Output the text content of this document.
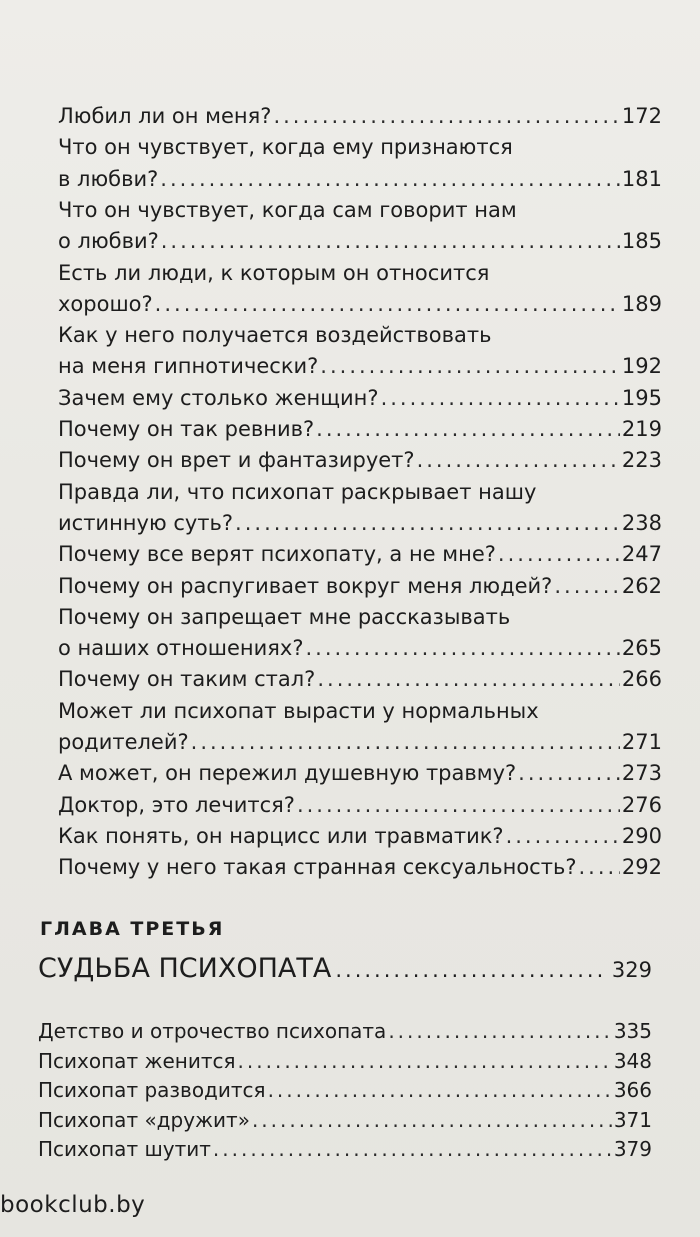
Любил ли он меня? .....	172
Что он чувствует, когда ему признаются
в любви? .....	181
Что он чувствует, когда сам говорит нам
о любви? .....	185
Есть ли люди, к которым он относится
хорошо? .....	189
Как у него получается воздействовать
на меня гипнотически? .....	192
Зачем ему столько женщин? .....	195
Почему он так ревнив? .....	219
Почему он врет и фантазирует? .....	223
Правда ли, что психопат раскрывает нашу
истинную суть? .....	238
Почему все верят психопату, а не мне? .....	247
Почему он распугивает вокруг меня людей? .....	262
Почему он запрещает мне рассказывать
о наших отношениях? .....	265
Почему он таким стал? .....	266
Может ли психопат вырасти у нормальных
родителей? .....	271
А может, он пережил душевную травму? .....	273
Доктор, это лечится? .....	276
Как понять, он нарцисс или травматик? .....	290
Почему у него такая странная сексуальность? ..... 292
ГЛАВА ТРЕТЬЯ
СУДЬБА ПСИХОПАТА .....	329
Детство и отрочество психопата .....	335
Психопат женится .....	348
Психопат разводится .....	366
Психопат «дружит» .....	371
Психопат шутит .....	379
bookclub.by
